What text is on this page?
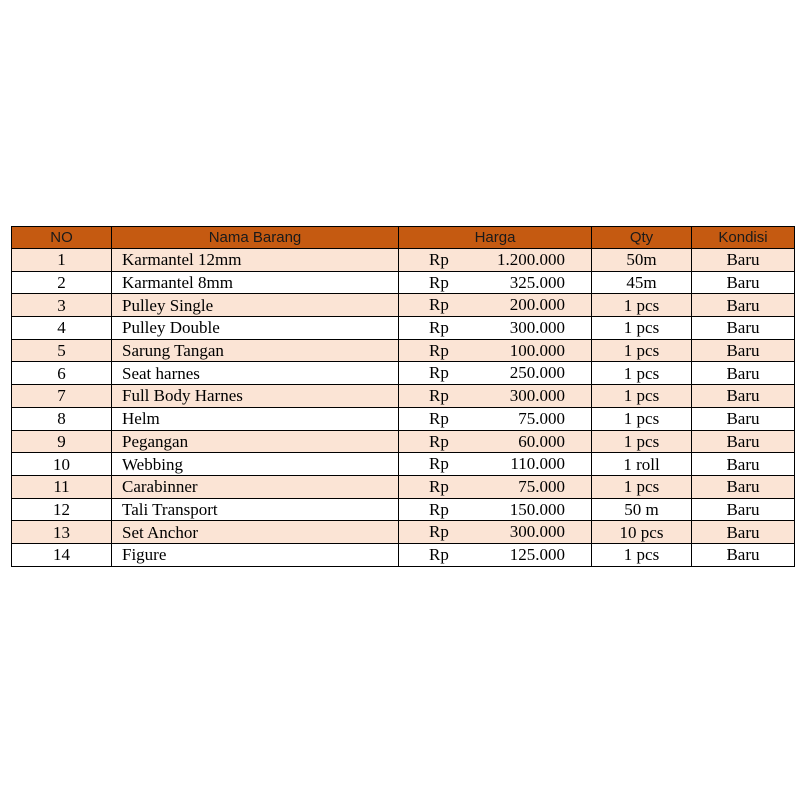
NO	Nama Barang	Harga	Qty	Kondisi
1	Karmantel 12mm	Rp 1.200.000	50m	Baru
2	Karmantel 8mm	Rp 325.000	45m	Baru
3	Pulley Single	Rp 200.000	1 pcs	Baru
4	Pulley Double	Rp 300.000	1 pcs	Baru
5	Sarung Tangan	Rp 100.000	1 pcs	Baru
6	Seat harnes	Rp 250.000	1 pcs	Baru
7	Full Body Harnes	Rp 300.000	1 pcs	Baru
8	Helm	Rp 75.000	1 pcs	Baru
9	Pegangan	Rp 60.000	1 pcs	Baru
10	Webbing	Rp 110.000	1 roll	Baru
11	Carabinner	Rp 75.000	1 pcs	Baru
12	Tali Transport	Rp 150.000	50 m	Baru
13	Set Anchor	Rp 300.000	10 pcs	Baru
14	Figure	Rp 125.000	1 pcs	Baru
